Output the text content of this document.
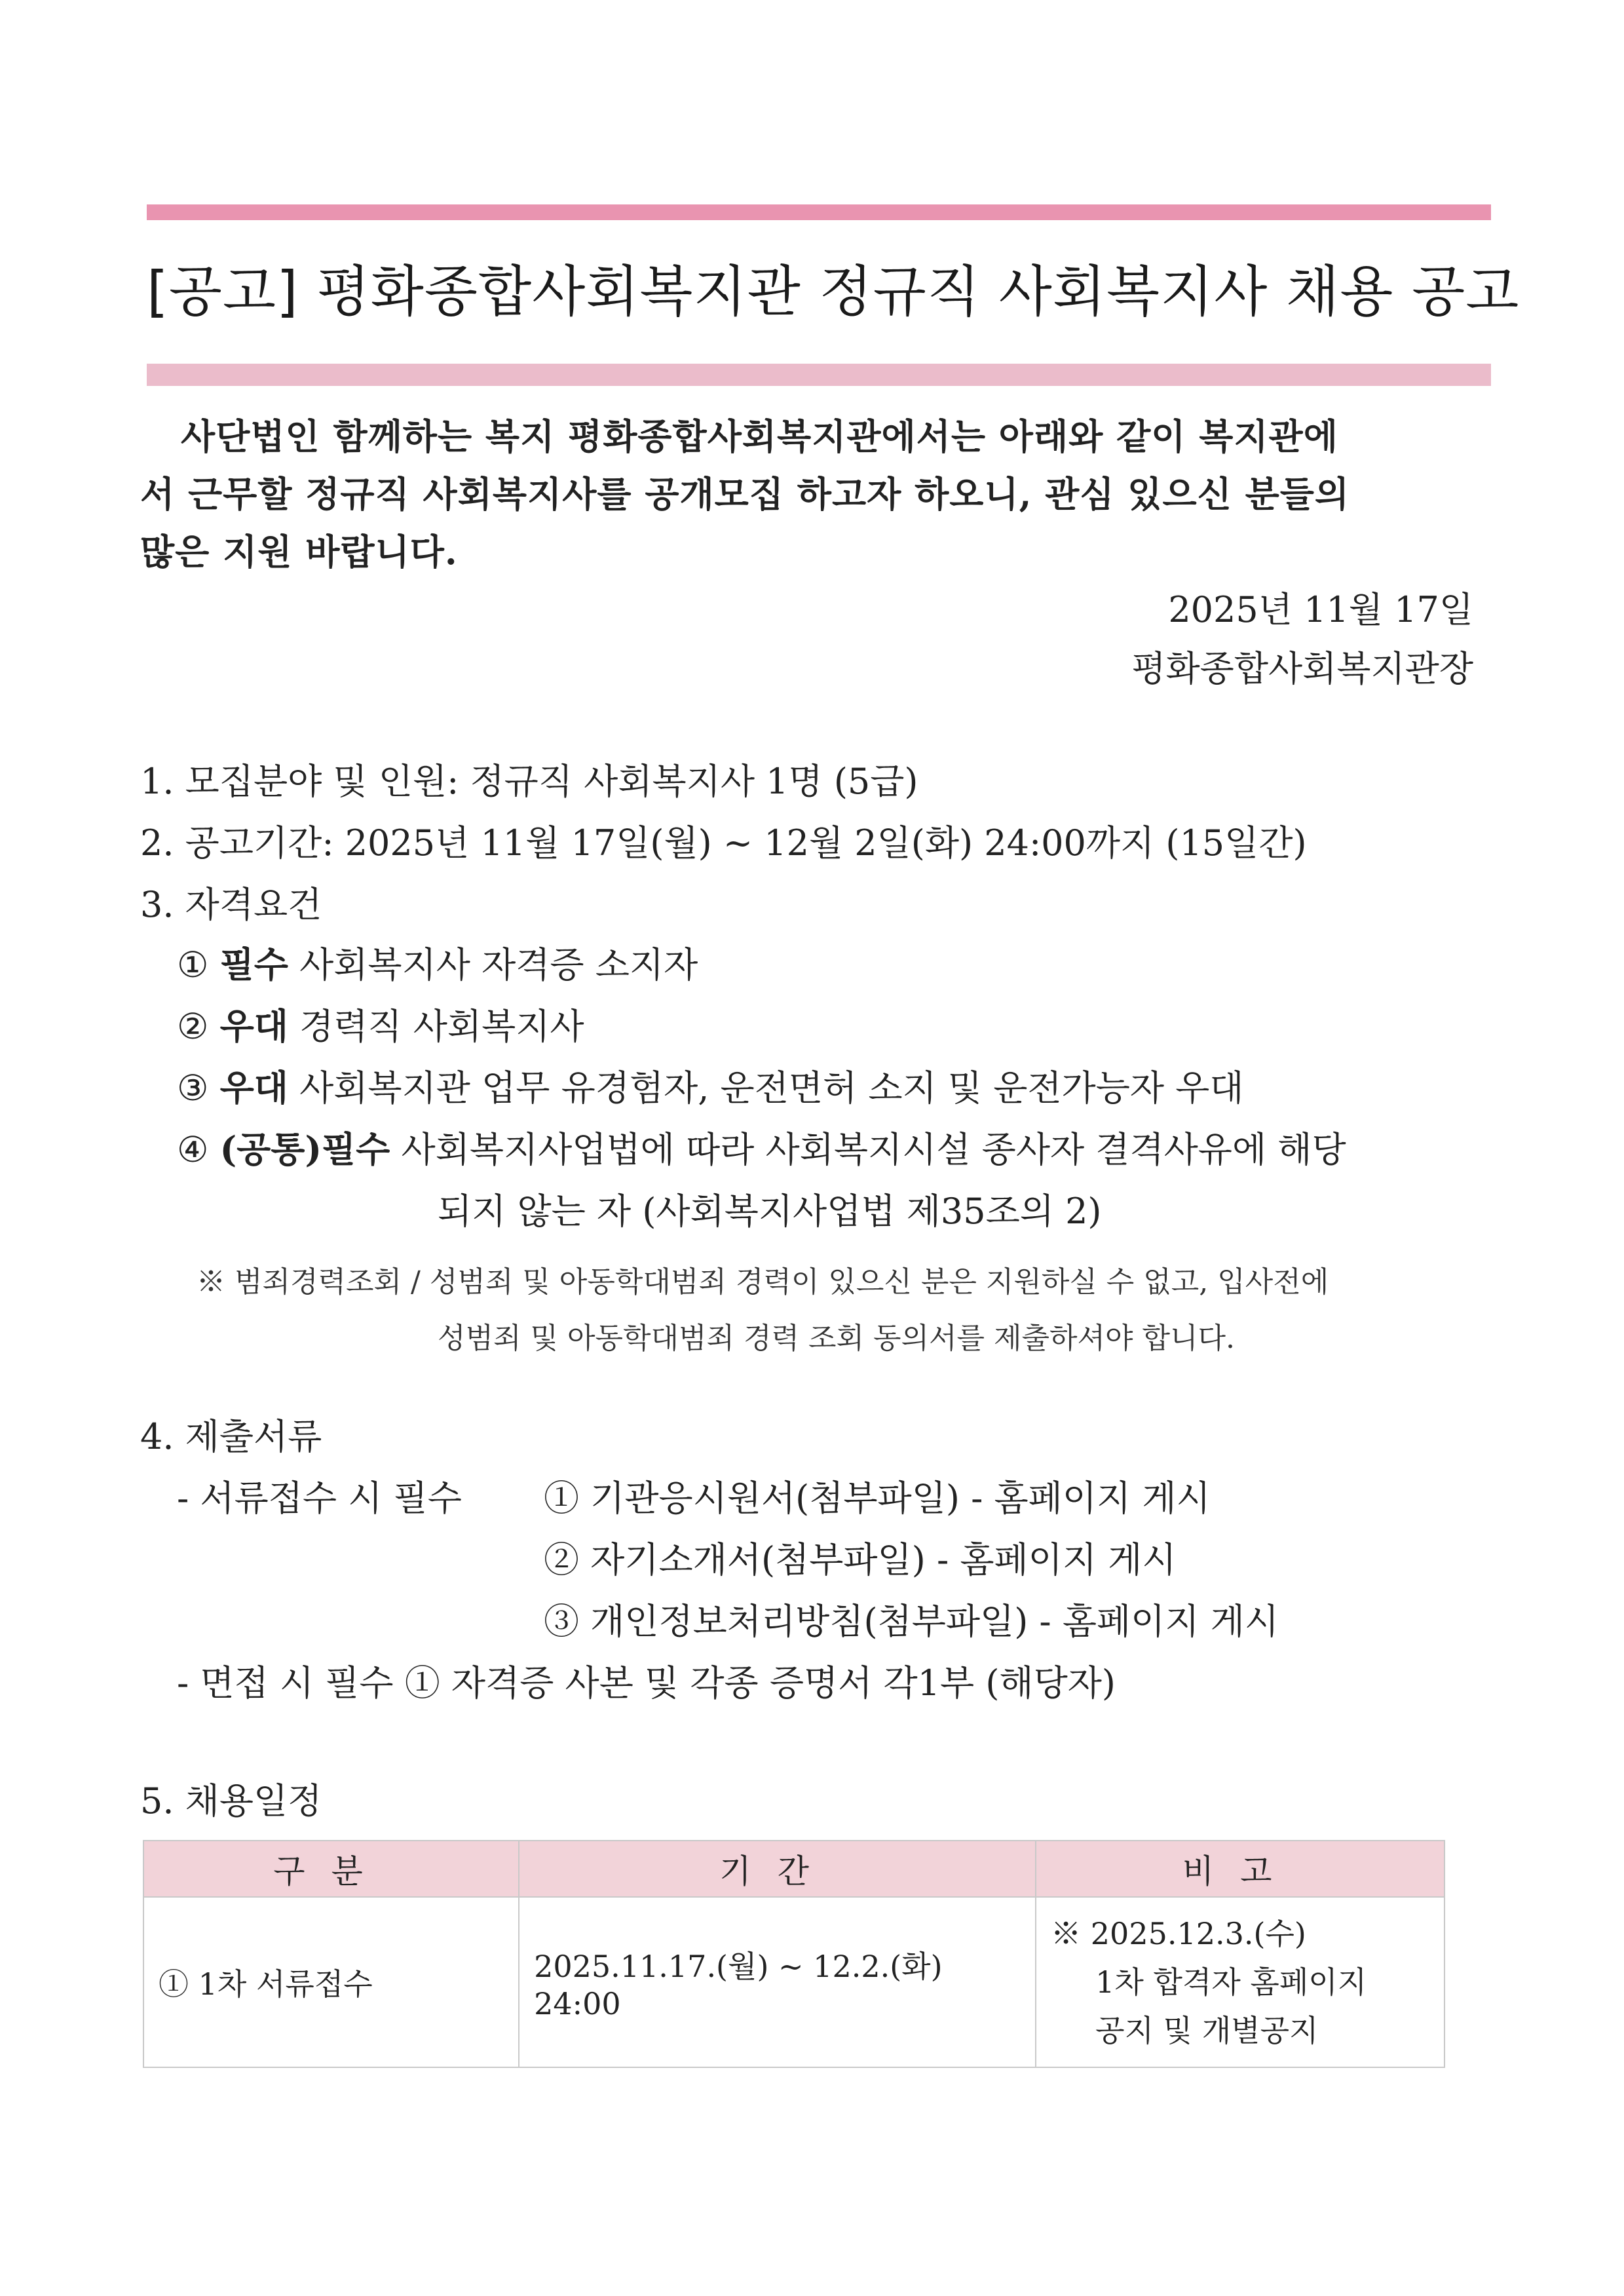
[공고] 평화종합사회복지관 정규직 사회복지사 채용 공고
사단법인 함께하는 복지 평화종합사회복지관에서는 아래와 같이 복지관에
서 근무할 정규직 사회복지사를 공개모집 하고자 하오니, 관심 있으신 분들의
많은 지원 바랍니다.
2025년 11월 17일
평화종합사회복지관장
1. 모집분야 및 인원: 정규직 사회복지사 1명 (5급)
2. 공고기간: 2025년 11월 17일(월) ~ 12월 2일(화) 24:00까지 (15일간)
3. 자격요건
① 필수 사회복지사 자격증 소지자
② 우대 경력직 사회복지사
③ 우대 사회복지관 업무 유경험자, 운전면허 소지 및 운전가능자 우대
④ (공통)필수 사회복지사업법에 따라 사회복지시설 종사자 결격사유에 해당
되지 않는 자 (사회복지사업법 제35조의 2)
※ 범죄경력조회 / 성범죄 및 아동학대범죄 경력이 있으신 분은 지원하실 수 없고, 입사전에
성범죄 및 아동학대범죄 경력 조회 동의서를 제출하셔야 합니다.
4. 제출서류
- 서류접수 시 필수 ① 기관응시원서(첨부파일) - 홈페이지 게시
② 자기소개서(첨부파일) - 홈페이지 게시
③ 개인정보처리방침(첨부파일) - 홈페이지 게시
- 면접 시 필수 ① 자격증 사본 및 각종 증명서 각1부 (해당자)
5. 채용일정
구분	기간	비고
① 1차 서류접수	2025.11.17.(월) ~ 12.2.(화) 24:00	※ 2025.12.3.(수)
1차 합격자 홈페이지
공지 및 개별공지
